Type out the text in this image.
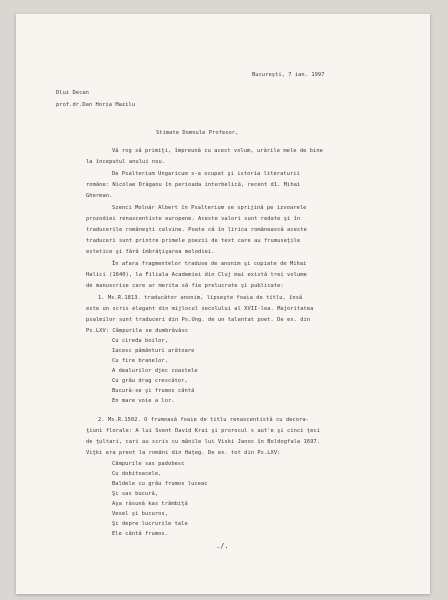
Bucureşti, 7 ian. 1997
Dlui Decan
prof.dr.Dan Horia Mazilu
Stimate Domnule Profesor,
Vă rog să primiţi, împreună cu acest volum, urările mele de bine
la începutul anului nou.
De Psalterium Ungaricum s-a ocupat şi istoria literaturii
române: Nicolae Drăganu în perioada interbelică, recent d1. Mihai
Gherman.
Szenci Molnár Albert în Psalterium se sprijină pe izvoarele
prozodiei renascentiste europene. Aceste valori sunt redate şi în
traducerile româneşti calvine. Poate că în lirica românească aceste
traduceri sunt printre primele poezii de text care au frumuseţile
estetice şi fără îmbrăţişarea melodiei.
În afara fragmentelor traduse de anonim şi copiate de Mihai
Halici (1640), la Filiala Academiei din Cluj mai există trei volume
de manuscrise care ar merita să fie prelucrate şi publicate:
1. Ms.R.1813. traducător anonim, lipseşte foaia de titlu, însă
este un scris elegant din mijlocul secolului al XVII-lea. Majoritatea
psalmilor sunt traduceri din Ps.Ung. de un talentat poet. De ex. din
Ps.LXV: Câmpurile se dumbrăvăsc
Cu cireda boilor,
Iacesc pământuri arătoare
Cu fire branelor,
A dealurilor djec coastele
Cu grâu drag crescător,
Bucură-se şi frumos cântă
En mare voie a lor.
2. Ms.R.1502. O frumoasă foaie de titlu renascentistă cu decora-
ţiuni florale: A lui Svent David Krai şi prorocul s aut'e şi cinci ţeci
de ţultari, cari au scris cu mânile lui Viski Janos în Boldogfala 1697.
Viţki era preot la români din Haţeg. De ex. tot din Ps.LXV:
Câmpurile sas padobesc
Cu dobitoacele,
Baldele cu grâu frumos luceac
Şi sas bucură,
Aşa răsună kas trâmbiţă
Vesel şi bucuros,
Şi depre lucrurile tale
Ele cântă frumos.
./.
